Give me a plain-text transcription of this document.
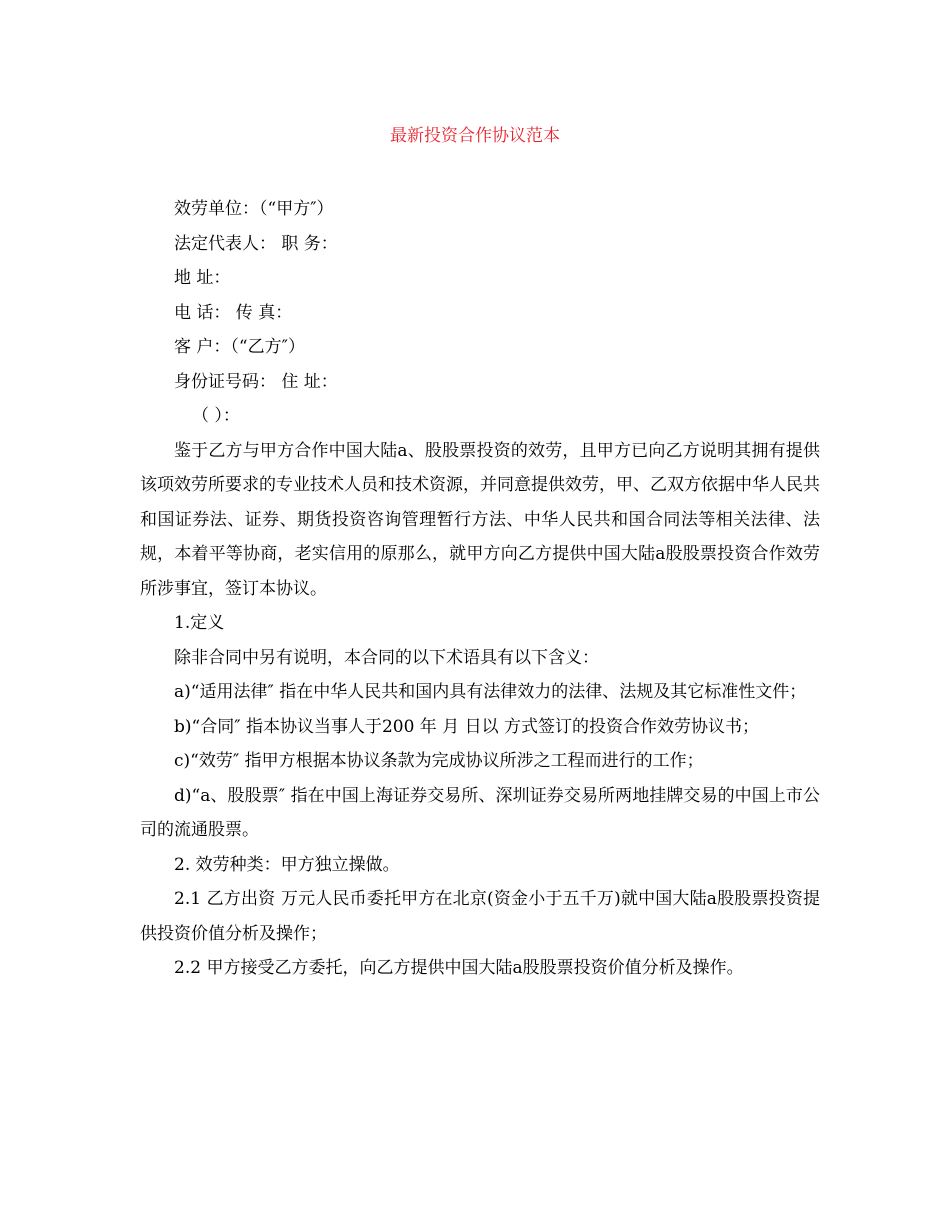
最新投资合作协议范本

效劳单位：（“甲方″）

法定代表人： 职 务：

地 址：

电 话： 传 真：

客 户：（“乙方″）

身份证号码： 住 址：

（ ）：

鉴于乙方与甲方合作中国大陆a、股股票投资的效劳，且甲方已向乙方说明其拥有提供该项效劳所要求的专业技术人员和技术资源，并同意提供效劳，甲、乙双方依据中华人民共和国证券法、证券、期货投资咨询管理暂行方法、中华人民共和国合同法等相关法律、法规，本着平等协商，老实信用的原那么，就甲方向乙方提供中国大陆a股股票投资合作效劳所涉事宜，签订本协议。

1.定义

除非合同中另有说明，本合同的以下术语具有以下含义：

a)“适用法律″ 指在中华人民共和国内具有法律效力的法律、法规及其它标准性文件；

b)“合同″ 指本协议当事人于200 年 月 日以 方式签订的投资合作效劳协议书；

c)“效劳″ 指甲方根据本协议条款为完成协议所涉之工程而进行的工作；

d)“a、股股票″ 指在中国上海证券交易所、深圳证券交易所两地挂牌交易的中国上市公司的流通股票。

2. 效劳种类：甲方独立操做。

2.1 乙方出资 万元人民币委托甲方在北京(资金小于五千万)就中国大陆a股股票投资提供投资价值分析及操作；

2.2 甲方接受乙方委托，向乙方提供中国大陆a股股票投资价值分析及操作。
